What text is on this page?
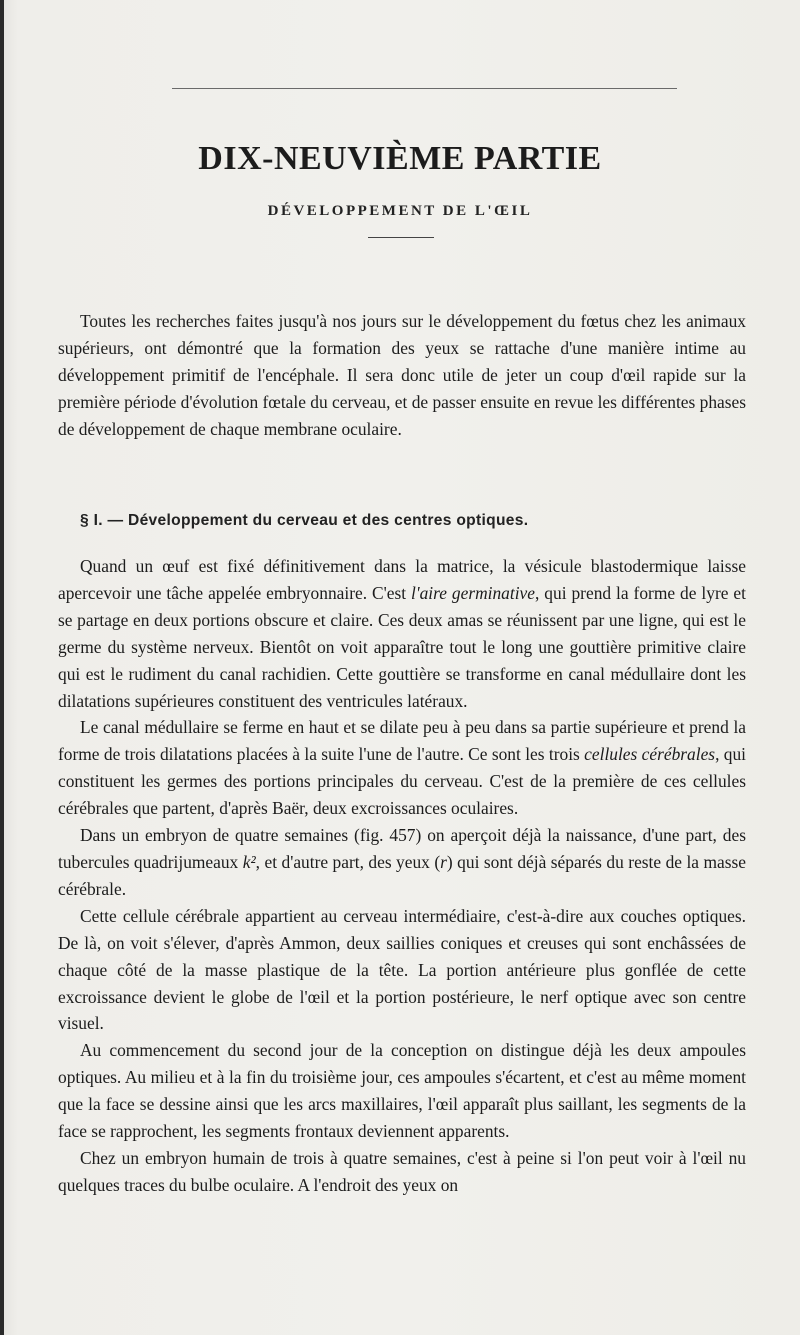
DIX-NEUVIÈME PARTIE
DÉVELOPPEMENT DE L'ŒIL

Toutes les recherches faites jusqu'à nos jours sur le développement du fœtus chez les animaux supérieurs, ont démontré que la formation des yeux se rattache d'une manière intime au développement primitif de l'encéphale. Il sera donc utile de jeter un coup d'œil rapide sur la première période d'évolution fœtale du cerveau, et de passer ensuite en revue les différentes phases de développement de chaque membrane oculaire.

§ I. — Développement du cerveau et des centres optiques.

Quand un œuf est fixé définitivement dans la matrice, la vésicule blastodermique laisse apercevoir une tâche appelée embryonnaire. C'est l'aire germinative, qui prend la forme de lyre et se partage en deux portions obscure et claire. Ces deux amas se réunissent par une ligne, qui est le germe du système nerveux. Bientôt on voit apparaître tout le long une gouttière primitive claire qui est le rudiment du canal rachidien. Cette gouttière se transforme en canal médullaire dont les dilatations supérieures constituent des ventricules latéraux.

Le canal médullaire se ferme en haut et se dilate peu à peu dans sa partie supérieure et prend la forme de trois dilatations placées à la suite l'une de l'autre. Ce sont les trois cellules cérébrales, qui constituent les germes des portions principales du cerveau. C'est de la première de ces cellules cérébrales que partent, d'après Baër, deux excroissances oculaires.

Dans un embryon de quatre semaines (fig. 457) on aperçoit déjà la naissance, d'une part, des tubercules quadrijumeaux k², et d'autre part, des yeux (r) qui sont déjà séparés du reste de la masse cérébrale.

Cette cellule cérébrale appartient au cerveau intermédiaire, c'est-à-dire aux couches optiques. De là, on voit s'élever, d'après Ammon, deux saillies coniques et creuses qui sont enchâssées de chaque côté de la masse plastique de la tête. La portion antérieure plus gonflée de cette excroissance devient le globe de l'œil et la portion postérieure, le nerf optique avec son centre visuel.

Au commencement du second jour de la conception on distingue déjà les deux ampoules optiques. Au milieu et à la fin du troisième jour, ces ampoules s'écartent, et c'est au même moment que la face se dessine ainsi que les arcs maxillaires, l'œil apparaît plus saillant, les segments de la face se rapprochent, les segments frontaux deviennent apparents.

Chez un embryon humain de trois à quatre semaines, c'est à peine si l'on peut voir à l'œil nu quelques traces du bulbe oculaire. A l'endroit des yeux on
